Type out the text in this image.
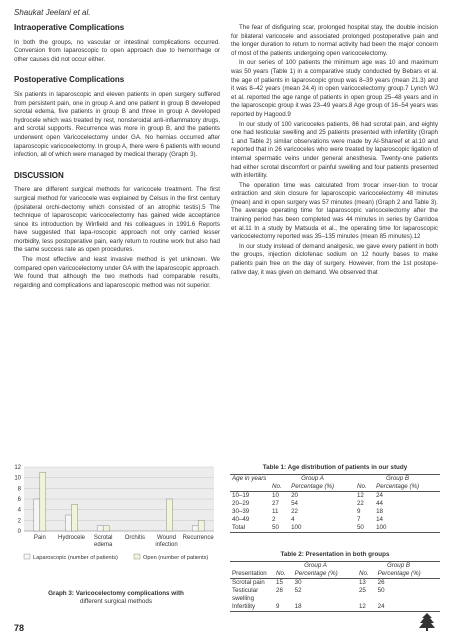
Shaukat Jeelani et al.
Intraoperative Complications

In both the groups, no vascular or intestinal complications occurred. Conversion from laparoscopic to open approach due to hemorrhage or other causes did not occur either.

Postoperative Complications

Six patients in laparoscopic and eleven patients in open surgery suffered from persistent pain, one in group A and one patient in group B developed scrotal edema, five patients in group B and three in group A developed hydrocele which was treated by rest, nonsteroidal anti-inflammatory drugs, and scrotal supports. Recurrence was more in group B, and the patients underwent open Varicocelectomy under GA. No hernias occurred after laparoscopic varicocelectomy. In group A, there were 6 patients with wound infection, all of which were managed by medical therapy (Graph 3).

DISCUSSION

There are different surgical methods for varicocele treatment. The first surgical method for varicocele was explained by Celsus in the first century (ipsilateral orchi-dectomy which consisted of an atrophic testis).5 The technique of laparoscopic varicocelectomy has gained wide acceptance since its introduction by Winfield and his colleagues in 1991.6 Reports have suggested that lapa-roscopic approach not only carried lesser morbidity, less postoperative pain, early return to routine work but also had the same success rate as open procedures.

The most effective and least invasive method is yet unknown. We compared open varicocelectomy under GA with the laparoscopic approach. We found that although the two methods had comparable results, regarding and complications and laparoscopic method was not superior.

The fear of disfiguring scar, prolonged hospital stay, the double incision for bilateral varicocele and associated prolonged postoperative pain and the longer duration to return to normal activity had been the major concern of most of the patients undergoing open varicocelectomy.

In our series of 100 patients the minimum age was 10 and maximum was 50 years (Table 1) in a comparative study conducted by Bebars et al. the age of patients in laparoscopic group was 8–39 years (mean 21.3) and it was 8–42 years (mean 24.4) in open varicocelectomy group.7 Lynch WJ et al. reported the age range of patients in open group 25–48 years and in the laparoscopic group it was 23–49 years.8 Age group of 16–54 years was reported by Hagood.9

In our study of 100 varicoceles patients, 86 had scrotal pain, and eighty one had testicular swelling and 25 patients presented with infertility (Graph 1 and Table 2) similar observations were made by Al-Shareef et al.10 and reported that in 26 varicoceles who were treated by laparoscopic ligation of internal spermatic veins under general anesthesia. Twenty-one patients had either scrotal discomfort or painful swelling and four patients presented with infertility.

The operation time was calculated from trocar inser-tion to trocar extraction and skin closure for laparoscopic varicocelectomy 48 minutes (mean) and in open surgery was 57 minutes (mean) (Graph 2 and Table 3). The average operating time for laparoscopic varicocelectomy after the training period has been completed was 44 minutes in series by Garridoa et al.11 In a study by Matsuda et al., the operating time for laparoscopic varicocelectomy reported was 35–135 minutes (mean 85 minutes).12

In our study instead of demand analgesic, we gave every patient in both the groups, injection diclofenac sodium on 12 hourly bases to make patients pain free on the day of surgery. However, from the 1st postope-rative day, it was given on demand. We observed that

0
2
4
6
8
10
12
Pain Hydrocele Scrotal
edema
Orchitis Wound
infection
Recurrence
Laparoscopic (number of patients)	Open (number of patients)
Graph 3: Varicocelectomy complications with
different surgical methods
Table 1: Age distribution of patients in our study
Age in years	Group A		Group B	
	No.	Percentage (%)	No.	Percentage (%)
10–19	10	20	12	24
20–29	27	54	22	44
30–39	11	22	9	18
40–49	2	4	7	14
Total	50	100	50	100
Table 2: Presentation in both groups
	Group A		Group B	
Presentation	No.	Percentage (%)	No.	Percentage (%)
Scrotal pain	15	30	13	26
Testicular swelling	26	52	25	50
Infertility	9	18	12	24
78
